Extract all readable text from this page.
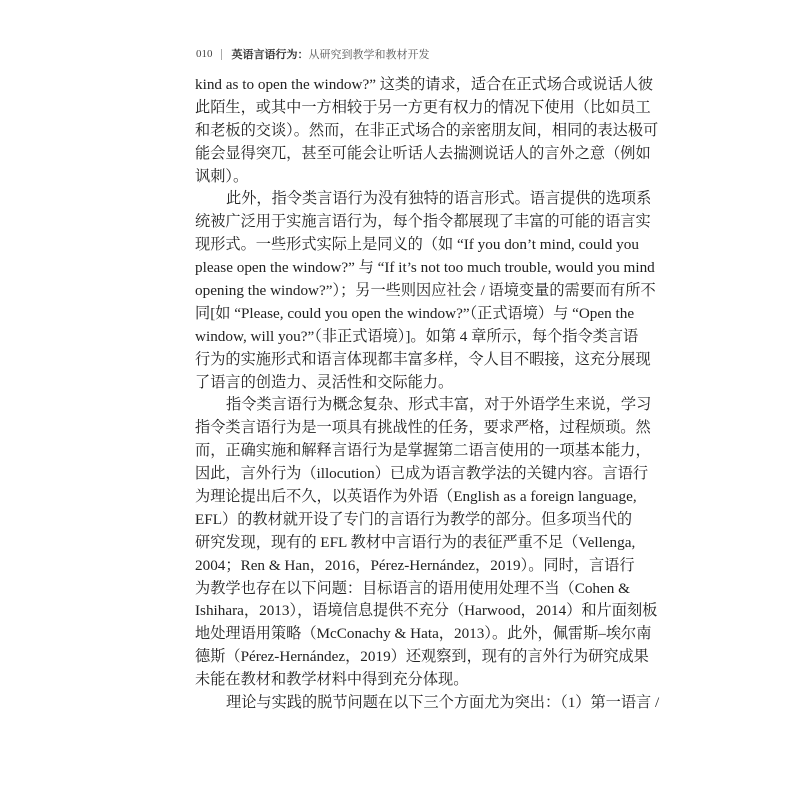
010 英语言语行为： 从研究到教学和教材开发
kind as to open the window?” 这类的请求，适合在正式场合或说话人彼
此陌生，或其中一方相较于另一方更有权力的情况下使用（比如员工
和老板的交谈）。然而，在非正式场合的亲密朋友间，相同的表达极可
能会显得突兀，甚至可能会让听话人去揣测说话人的言外之意（例如
讽刺）。
此外，指令类言语行为没有独特的语言形式。语言提供的选项系
统被广泛用于实施言语行为，每个指令都展现了丰富的可能的语言实
现形式。一些形式实际上是同义的（如 “If you don’t mind, could you
please open the window?” 与 “If it’s not too much trouble, would you mind
opening the window?”）；另一些则因应社会 / 语境变量的需要而有所不
同[如 “Please, could you open the window?”（正式语境）与 “Open the
window, will you?”（非正式语境）]。如第 4 章所示，每个指令类言语
行为的实施形式和语言体现都丰富多样，令人目不暇接，这充分展现
了语言的创造力、灵活性和交际能力。
指令类言语行为概念复杂、形式丰富，对于外语学生来说，学习
指令类言语行为是一项具有挑战性的任务，要求严格，过程烦琐。然
而，正确实施和解释言语行为是掌握第二语言使用的一项基本能力，
因此，言外行为（illocution）已成为语言教学法的关键内容。言语行
为理论提出后不久，以英语作为外语（English as a foreign language,
EFL）的教材就开设了专门的言语行为教学的部分。但多项当代的
研究发现，现有的 EFL 教材中言语行为的表征严重不足（Vellenga,
2004；Ren & Han，2016，Pérez-Hernández，2019）。同时，言语行
为教学也存在以下问题：目标语言的语用使用处理不当（Cohen &
Ishihara，2013），语境信息提供不充分（Harwood，2014）和片面刻板
地处理语用策略（McConachy & Hata，2013）。此外，佩雷斯–埃尔南
德斯（Pérez-Hernández，2019）还观察到，现有的言外行为研究成果
未能在教材和教学材料中得到充分体现。
理论与实践的脱节问题在以下三个方面尤为突出：（1）第一语言 /
